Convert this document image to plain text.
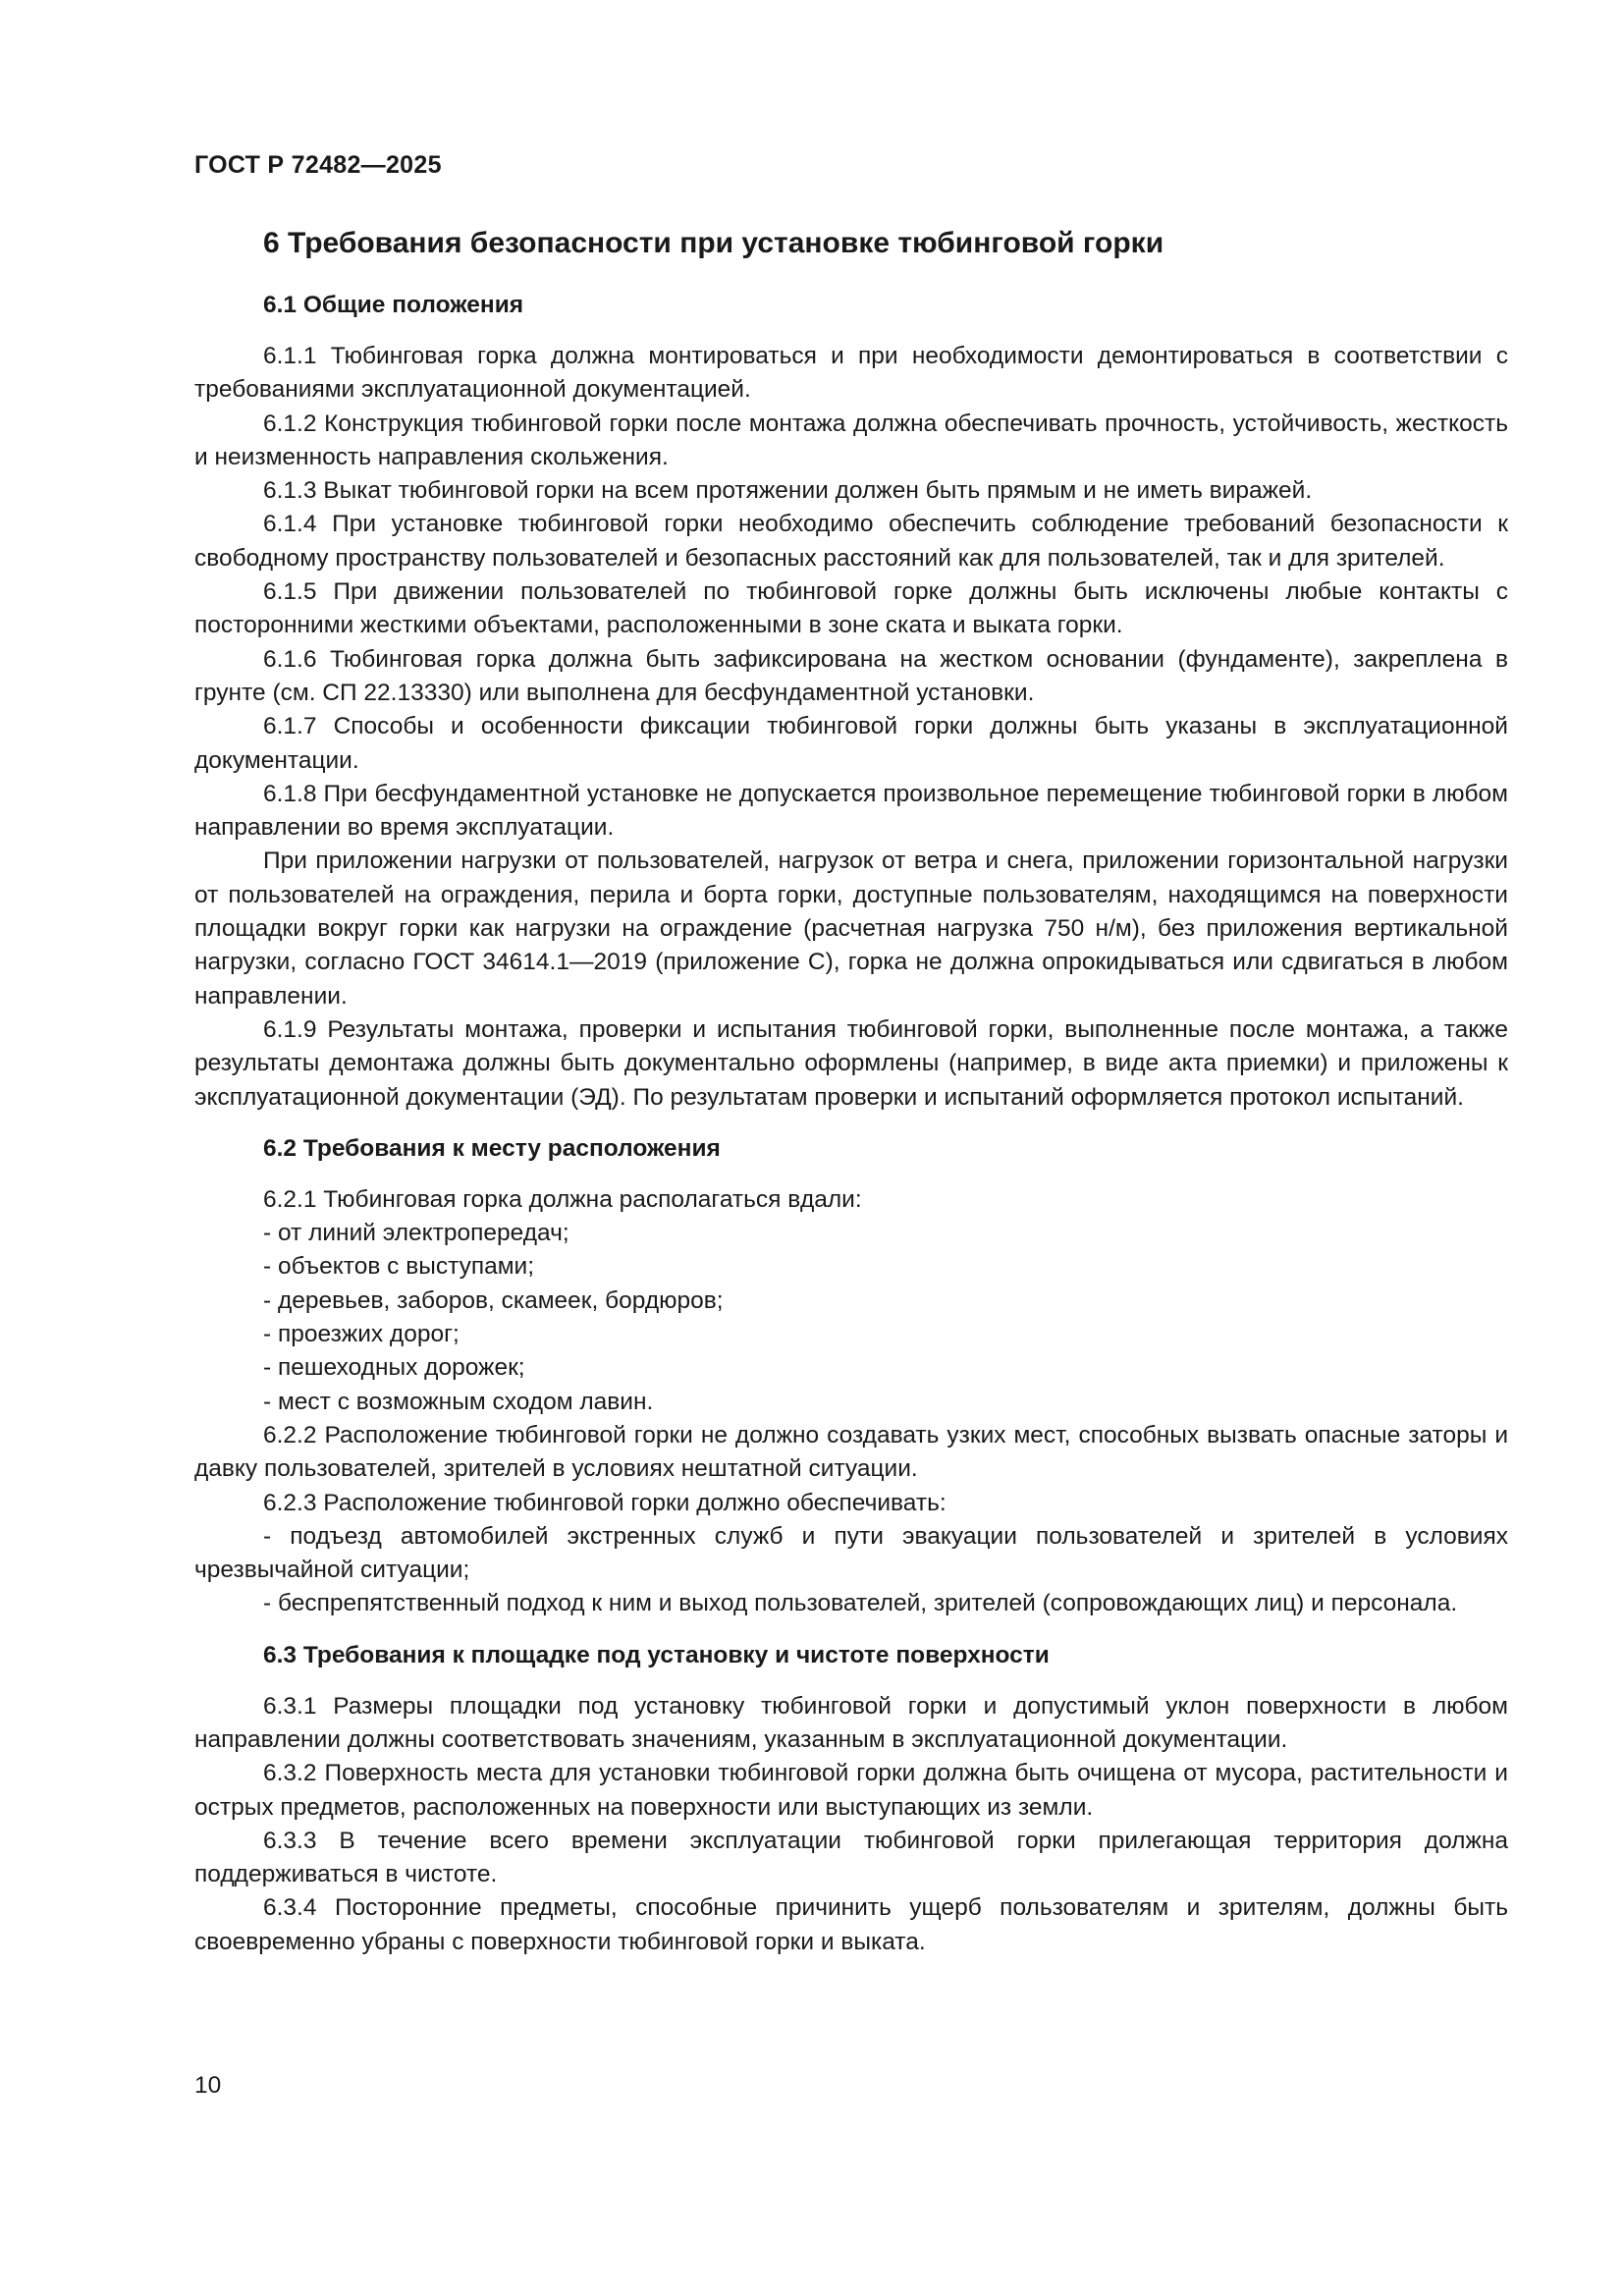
ГОСТ Р 72482—2025
6 Требования безопасности при установке тюбинговой горки
6.1 Общие положения

6.1.1 Тюбинговая горка должна монтироваться и при необходимости демонтироваться в соответствии с требованиями эксплуатационной документацией.

6.1.2 Конструкция тюбинговой горки после монтажа должна обеспечивать прочность, устойчивость, жесткость и неизменность направления скольжения.

6.1.3 Выкат тюбинговой горки на всем протяжении должен быть прямым и не иметь виражей.

6.1.4 При установке тюбинговой горки необходимо обеспечить соблюдение требований безопасности к свободному пространству пользователей и безопасных расстояний как для пользователей, так и для зрителей.

6.1.5 При движении пользователей по тюбинговой горке должны быть исключены любые контакты с посторонними жесткими объектами, расположенными в зоне ската и выката горки.

6.1.6 Тюбинговая горка должна быть зафиксирована на жестком основании (фундаменте), закреплена в грунте (см. СП 22.13330) или выполнена для бесфундаментной установки.

6.1.7 Способы и особенности фиксации тюбинговой горки должны быть указаны в эксплуатационной документации.

6.1.8 При бесфундаментной установке не допускается произвольное перемещение тюбинговой горки в любом направлении во время эксплуатации.

При приложении нагрузки от пользователей, нагрузок от ветра и снега, приложении горизонтальной нагрузки от пользователей на ограждения, перила и борта горки, доступные пользователям, находящимся на поверхности площадки вокруг горки как нагрузки на ограждение (расчетная нагрузка 750 н/м), без приложения вертикальной нагрузки, согласно ГОСТ 34614.1—2019 (приложение С), горка не должна опрокидываться или сдвигаться в любом направлении.

6.1.9 Результаты монтажа, проверки и испытания тюбинговой горки, выполненные после монтажа, а также результаты демонтажа должны быть документально оформлены (например, в виде акта приемки) и приложены к эксплуатационной документации (ЭД). По результатам проверки и испытаний оформляется протокол испытаний.

6.2 Требования к месту расположения

6.2.1 Тюбинговая горка должна располагаться вдали:

- от линий электропередач;

- объектов с выступами;

- деревьев, заборов, скамеек, бордюров;

- проезжих дорог;

- пешеходных дорожек;

- мест с возможным сходом лавин.

6.2.2 Расположение тюбинговой горки не должно создавать узких мест, способных вызвать опасные заторы и давку пользователей, зрителей в условиях нештатной ситуации.

6.2.3 Расположение тюбинговой горки должно обеспечивать:

- подъезд автомобилей экстренных служб и пути эвакуации пользователей и зрителей в условиях чрезвычайной ситуации;

- беспрепятственный подход к ним и выход пользователей, зрителей (сопровождающих лиц) и персонала.

6.3 Требования к площадке под установку и чистоте поверхности

6.3.1 Размеры площадки под установку тюбинговой горки и допустимый уклон поверхности в любом направлении должны соответствовать значениям, указанным в эксплуатационной документации.

6.3.2 Поверхность места для установки тюбинговой горки должна быть очищена от мусора, растительности и острых предметов, расположенных на поверхности или выступающих из земли.

6.3.3 В течение всего времени эксплуатации тюбинговой горки прилегающая территория должна поддерживаться в чистоте.

6.3.4 Посторонние предметы, способные причинить ущерб пользователям и зрителям, должны быть своевременно убраны с поверхности тюбинговой горки и выката.

10
